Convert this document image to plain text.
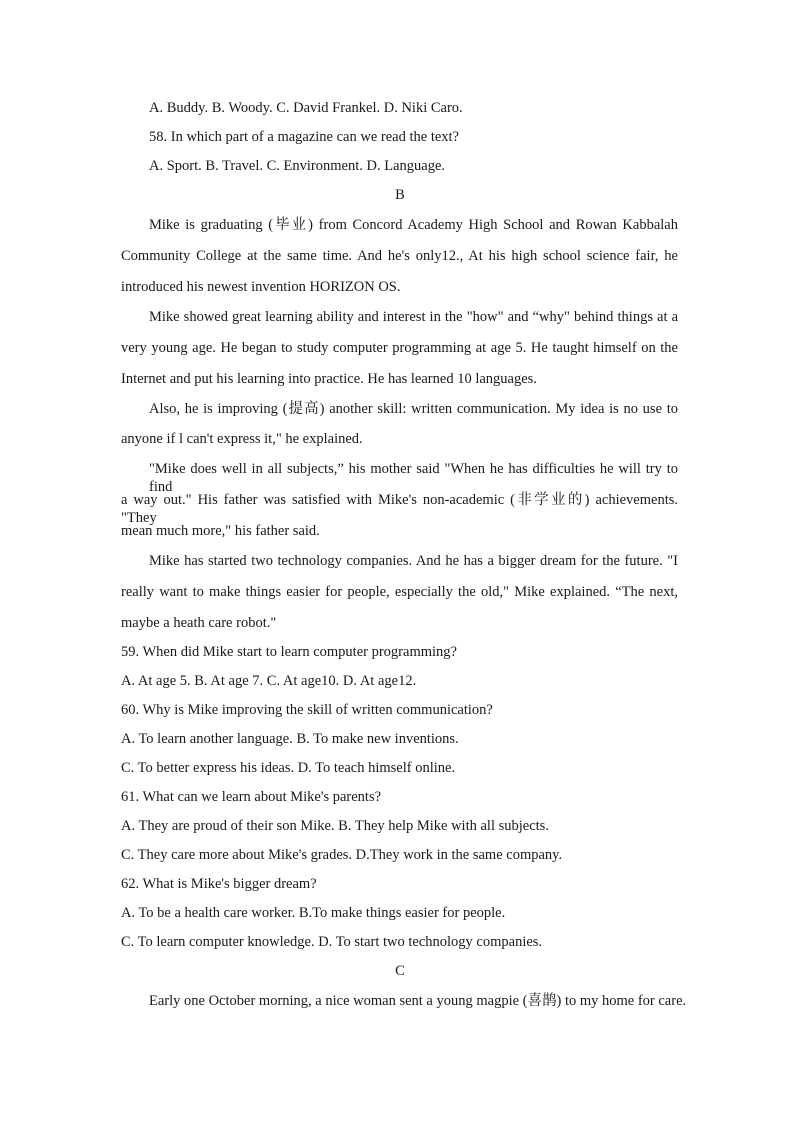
A. Buddy. B. Woody. C. David Frankel. D. Niki Caro.
58. In which part of a magazine can we read the text?
A. Sport. B. Travel. C. Environment. D. Language.
B
Mike is graduating (毕业) from Concord Academy High School and Rowan Kabbalah
Community College at the same time. And he's only12., At his high school science fair, he
introduced his newest invention HORIZON OS.
Mike showed great learning ability and interest in the "how" and “why" behind things at a
very young age. He began to study computer programming at age 5. He taught himself on the
Internet and put his learning into practice. He has learned 10 languages.
Also, he is improving (提高) another skill: written communication. My idea is no use to
anyone if l can't express it," he explained.
"Mike does well in all subjects,” his mother said "When he has difficulties he will try to find
a way out." His father was satisfied with Mike's non-academic (非学业的) achievements. "They
mean much more," his father said.
Mike has started two technology companies. And he has a bigger dream for the future. "I
really want to make things easier for people, especially the old," Mike explained. “The next,
maybe a heath care robot."
59. When did Mike start to learn computer programming?
A. At age 5. B. At age 7. C. At age10. D. At age12.
60. Why is Mike improving the skill of written communication?
A. To learn another language. B. To make new inventions.
C. To better express his ideas. D. To teach himself online.
61. What can we learn about Mike's parents?
A. They are proud of their son Mike. B. They help Mike with all subjects.
C. They care more about Mike's grades. D.They work in the same company.
62. What is Mike's bigger dream?
A. To be a health care worker. B.To make things easier for people.
C. To learn computer knowledge. D. To start two technology companies.
C
Early one October morning, a nice woman sent a young magpie (喜鹊) to my home for care.
